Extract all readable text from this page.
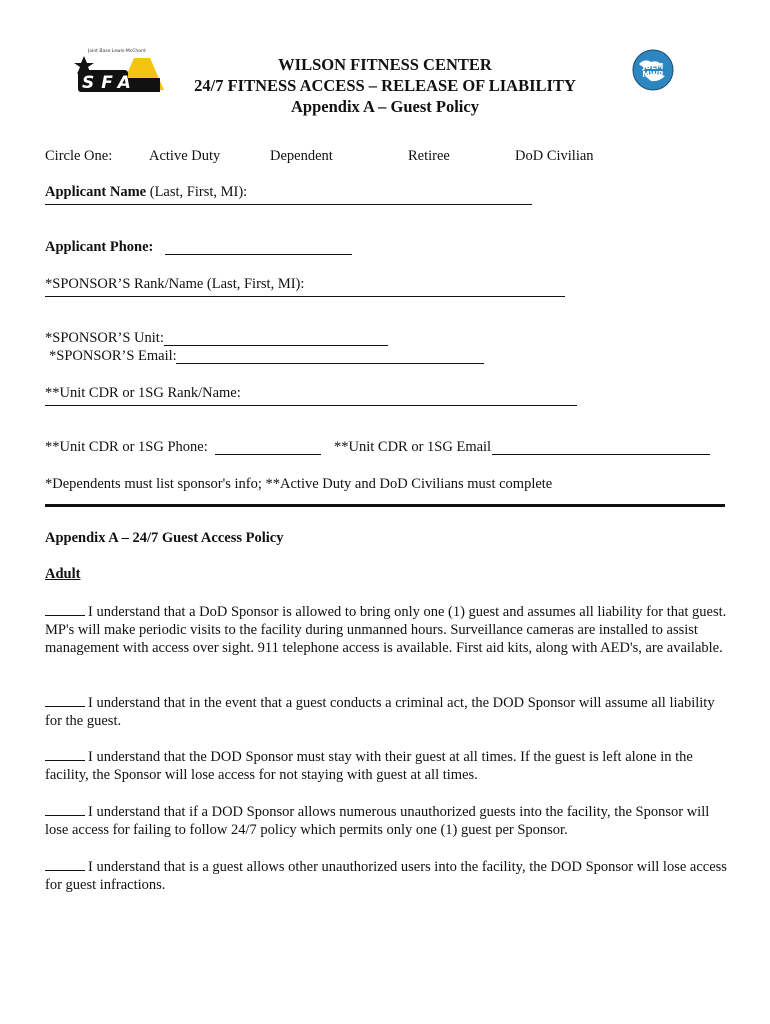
Joint Base Lewis-McChord
SFA
JBLM MWR
WILSON FITNESS CENTER
24/7 FITNESS ACCESS – RELEASE OF LIABILITY
Appendix A – Guest Policy
Circle One:	Active Duty	Dependent	Retiree	DoD Civilian
Applicant Name (Last, First, MI):
Applicant Phone:
*SPONSOR’S Rank/Name (Last, First, MI):
*SPONSOR’S Unit:
*SPONSOR’S Email:
**Unit CDR or 1SG Rank/Name:
**Unit CDR or 1SG Phone:	**Unit CDR or 1SG Email
*Dependents must list sponsor's info; **Active Duty and DoD Civilians must complete
Appendix A – 24/7 Guest Access Policy
Adult
I understand that a DoD Sponsor is allowed to bring only one (1) guest and assumes all liability for that guest. MP's will make periodic visits to the facility during unmanned hours. Surveillance cameras are installed to assist management with access over sight. 911 telephone access is available. First aid kits, along with AED's, are available.
I understand that in the event that a guest conducts a criminal act, the DOD Sponsor will assume all liability for the guest.
I understand that the DOD Sponsor must stay with their guest at all times. If the guest is left alone in the facility, the Sponsor will lose access for not staying with guest at all times.
I understand that if a DOD Sponsor allows numerous unauthorized guests into the facility, the Sponsor will lose access for failing to follow 24/7 policy which permits only one (1) guest per Sponsor.
I understand that is a guest allows other unauthorized users into the facility, the DOD Sponsor will lose access for guest infractions.
